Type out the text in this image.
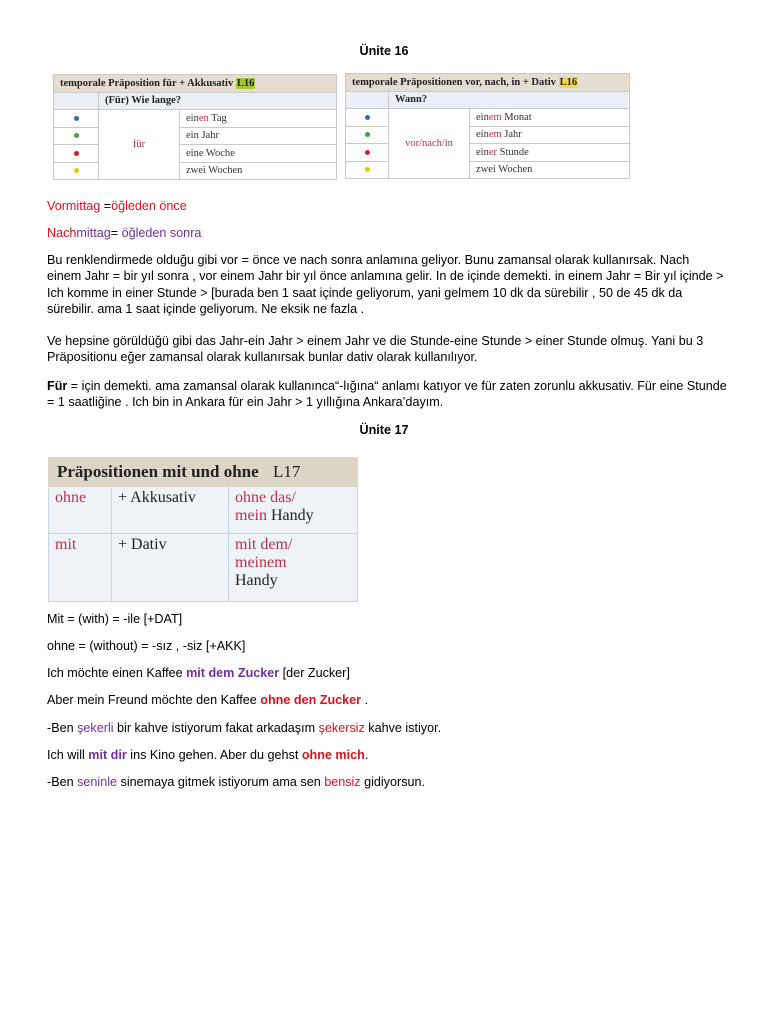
Ünite 16
temporale Präposition für + Akkusativ L16		
	(Für) Wie lange?	
	für	einen Tag
		ein Jahr
		eine Woche
		zwei Wochen
temporale Präpositionen vor, nach, in + Dativ L16		
	Wann?	
	vor/nach/in	einem Monat
		einem Jahr
		einer Stunde
		zwei Wochen
Vormittag =öğleden önce
Nachmittag= öğleden sonra
Bu renklendirmede olduğu gibi vor = önce ve nach sonra anlamına geliyor. Bunu zamansal olarak kullanırsak. Nach einem Jahr = bir yıl sonra , vor einem Jahr bir yıl önce anlamına gelir. In de içinde demekti. in einem Jahr = Bir yıl içinde > Ich komme in einer Stunde > [burada ben 1 saat içinde geliyorum, yani gelmem 10 dk da sürebilir , 50 de 45 dk da sürebilir. ama 1 saat içinde geliyorum. Ne eksik ne fazla .
Ve hepsine görüldüğü gibi das Jahr-ein Jahr > einem Jahr ve die Stunde-eine Stunde > einer Stunde olmuş. Yani bu 3 Präpositionu eğer zamansal olarak kullanırsak bunlar dativ olarak kullanılıyor.
Für = için demekti. ama zamansal olarak kullanınca“-lığına“ anlamı katıyor ve für zaten zorunlu akkusativ. Für eine Stunde = 1 saatliğine . Ich bin in Ankara für ein Jahr > 1 yıllığına Ankara’dayım.
Ünite 17
Präpositionen mit und ohne L17		
ohne	+ Akkusativ	ohne das/
mein Handy
mit	+ Dativ	mit dem/
meinem
Handy
Mit = (with) = -ile [+DAT]
ohne = (without) = -sız , -siz [+AKK]
Ich möchte einen Kaffee mit dem Zucker [der Zucker]
Aber mein Freund möchte den Kaffee ohne den Zucker .
-Ben şekerli bir kahve istiyorum fakat arkadaşım şekersiz kahve istiyor.
Ich will mit dir ins Kino gehen. Aber du gehst ohne mich.
-Ben seninle sinemaya gitmek istiyorum ama sen bensiz gidiyorsun.
